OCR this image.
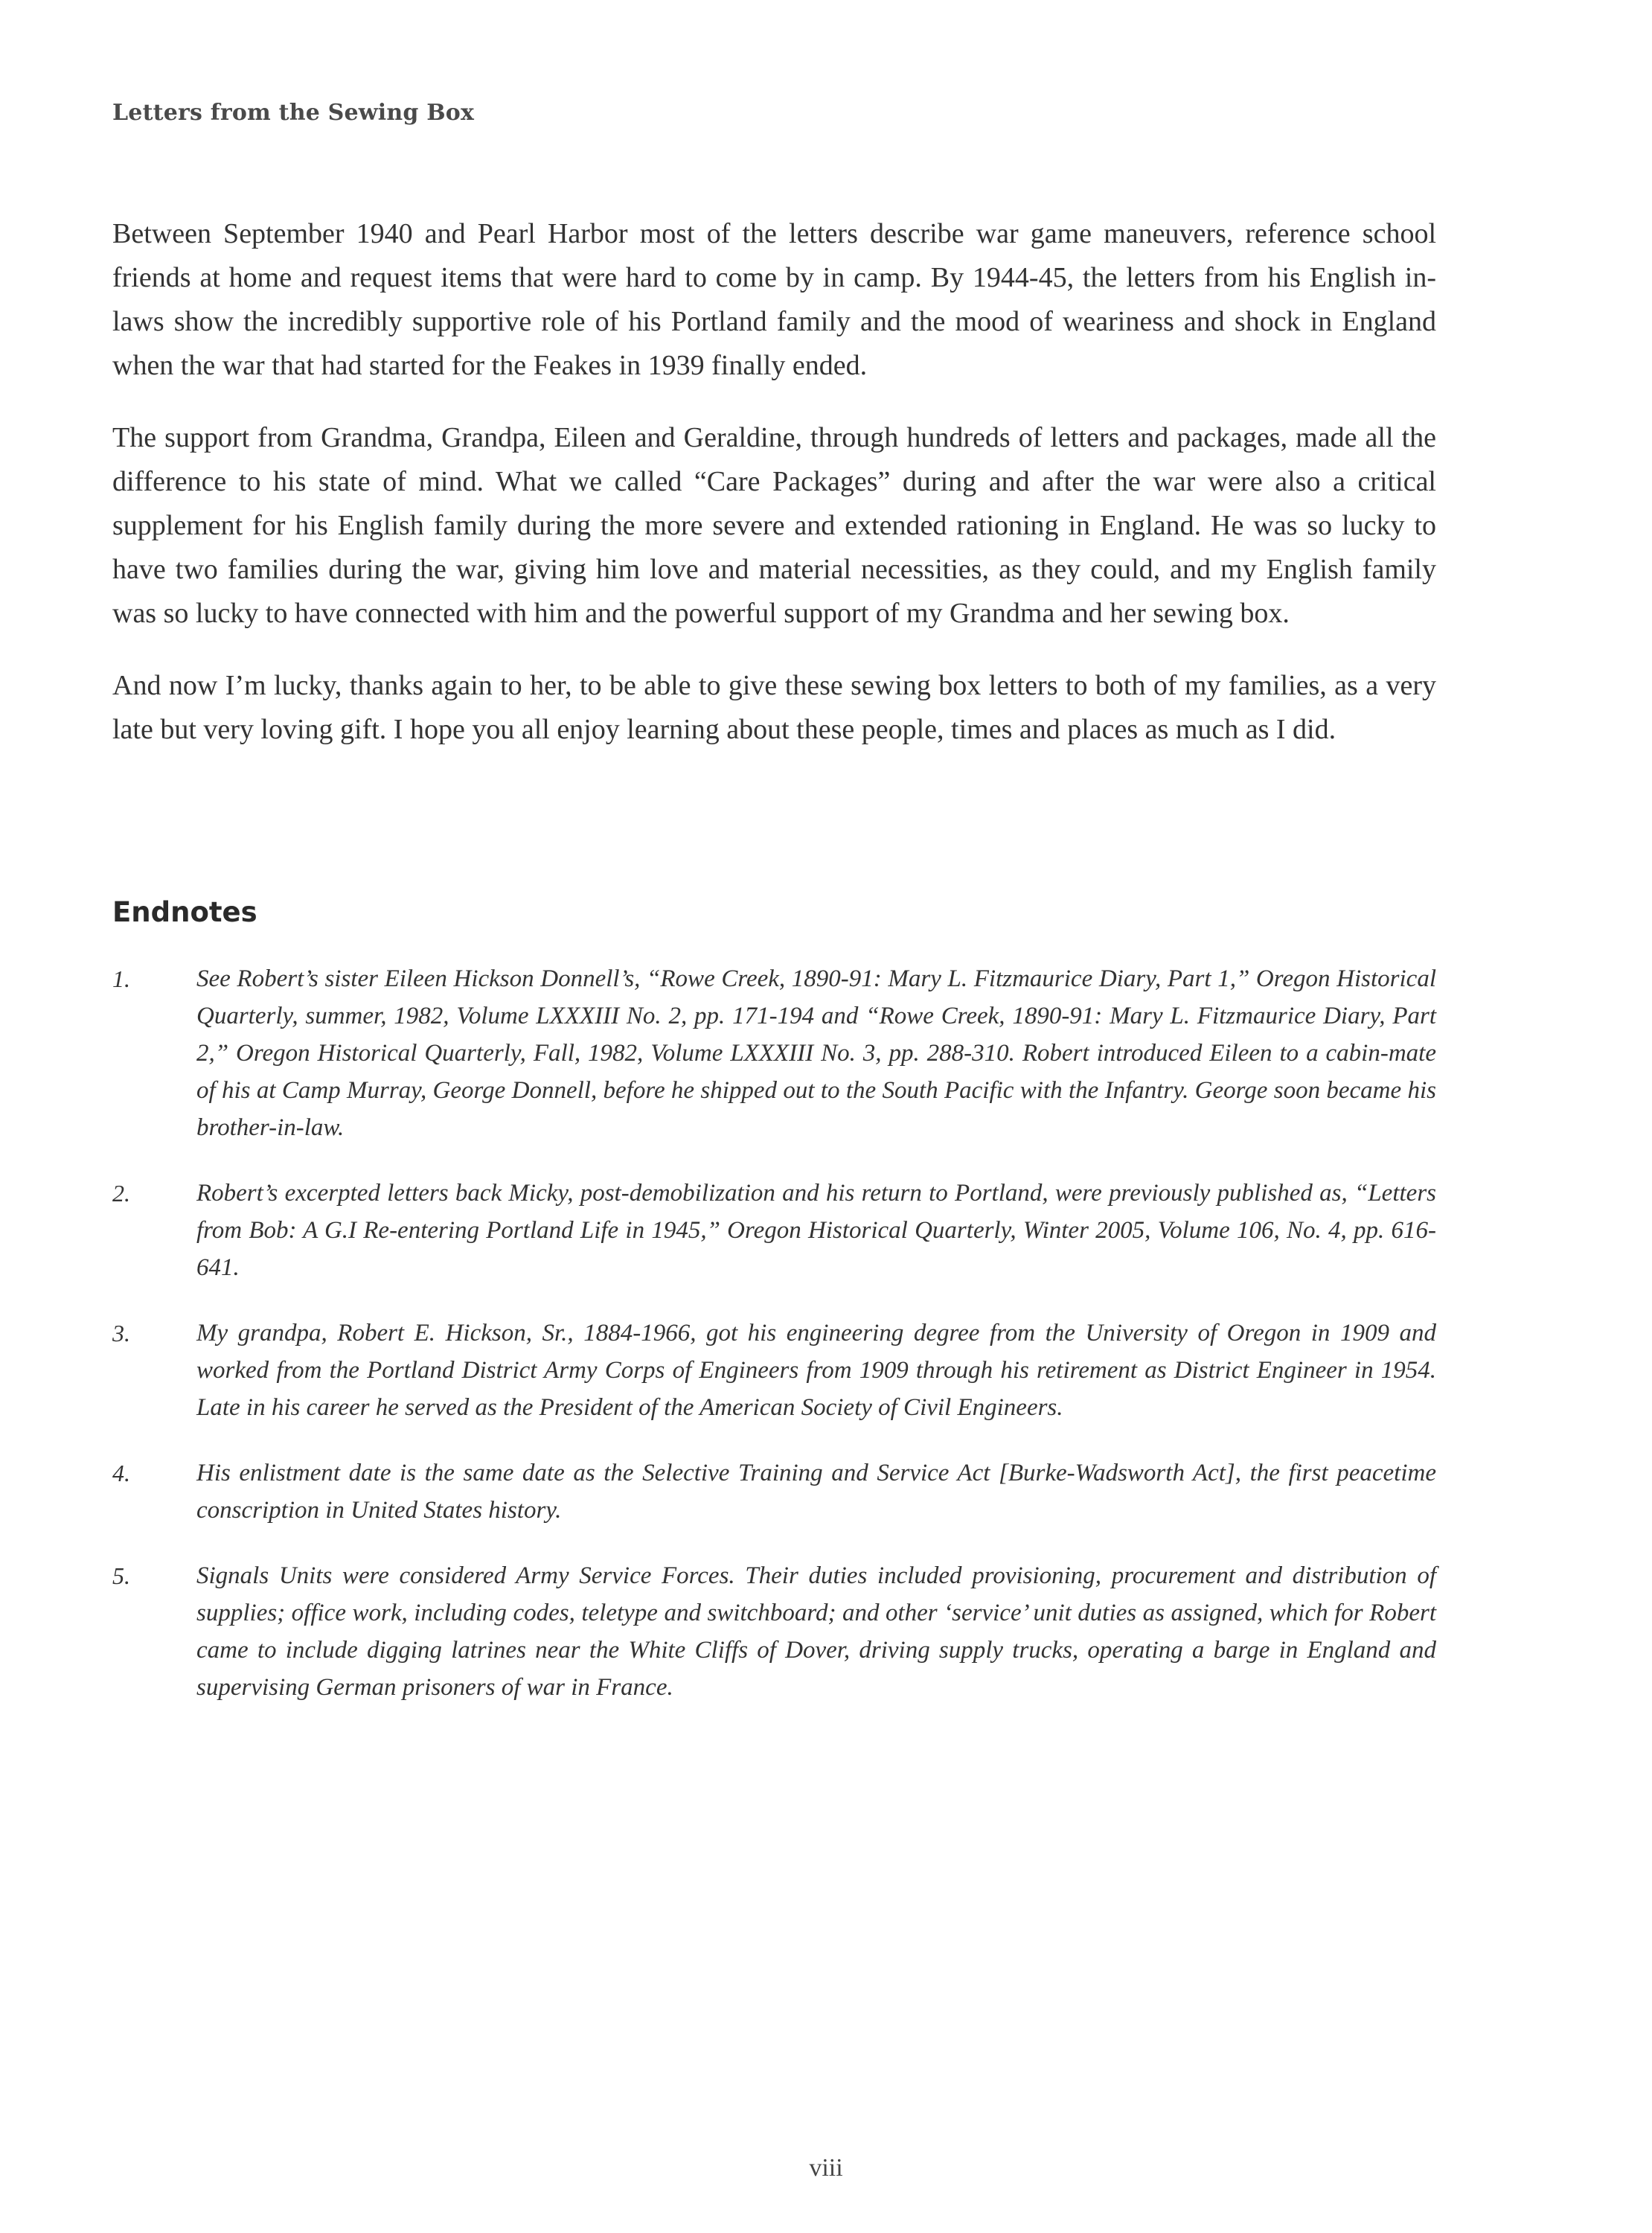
Letters from the Sewing Box

Between September 1940 and Pearl Harbor most of the letters describe war game maneuvers, reference school friends at home and request items that were hard to come by in camp. By 1944-45, the letters from his English in-laws show the incredibly supportive role of his Portland family and the mood of weariness and shock in England when the war that had started for the Feakes in 1939 finally ended.

The support from Grandma, Grandpa, Eileen and Geraldine, through hundreds of letters and packages, made all the difference to his state of mind. What we called “Care Packages” during and after the war were also a critical supplement for his English family during the more severe and extended rationing in England. He was so lucky to have two families during the war, giving him love and material necessities, as they could, and my English family was so lucky to have connected with him and the powerful support of my Grandma and her sewing box.

And now I’m lucky, thanks again to her, to be able to give these sewing box letters to both of my families, as a very late but very loving gift. I hope you all enjoy learning about these people, times and places as much as I did.

Endnotes
1.	See Robert’s sister Eileen Hickson Donnell’s, “Rowe Creek, 1890-91: Mary L. Fitzmaurice Diary, Part 1,” Oregon Historical Quarterly, summer, 1982, Volume LXXXIII No. 2, pp. 171-194 and “Rowe Creek, 1890-91: Mary L. Fitzmaurice Diary, Part 2,” Oregon Historical Quarterly, Fall, 1982, Volume LXXXIII No. 3, pp. 288-310. Robert introduced Eileen to a cabin-mate of his at Camp Murray, George Donnell, before he shipped out to the South Pacific with the Infantry. George soon became his brother-in-law.
2.	Robert’s excerpted letters back Micky, post-demobilization and his return to Portland, were previously published as, “Letters from Bob: A G.I Re-entering Portland Life in 1945,” Oregon Historical Quarterly, Winter 2005, Volume 106, No. 4, pp. 616-641.
3.	My grandpa, Robert E. Hickson, Sr., 1884-1966, got his engineering degree from the University of Oregon in 1909 and worked from the Portland District Army Corps of Engineers from 1909 through his retirement as District Engineer in 1954. Late in his career he served as the President of the American Society of Civil Engineers.
4.	His enlistment date is the same date as the Selective Training and Service Act [Burke-Wadsworth Act], the first peacetime conscription in United States history.
5.	Signals Units were considered Army Service Forces. Their duties included provisioning, procurement and distribution of supplies; office work, including codes, teletype and switchboard; and other ‘service’ unit duties as assigned, which for Robert came to include digging latrines near the White Cliffs of Dover, driving supply trucks, operating a barge in England and supervising German prisoners of war in France.
viii
